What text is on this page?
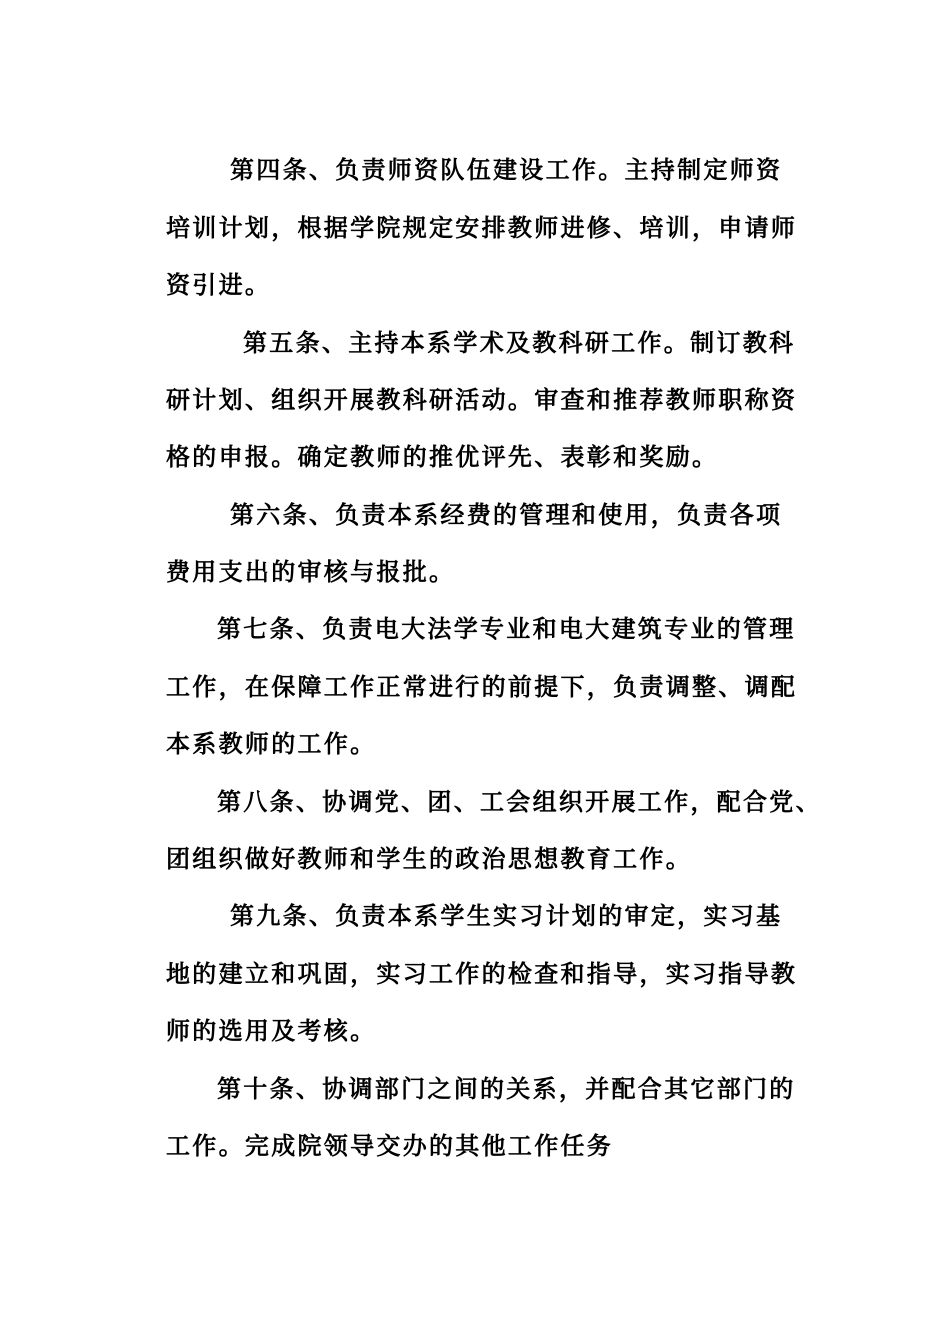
第四条、负责师资队伍建设工作。主持制定师资
培训计划，根据学院规定安排教师进修、培训，申请师
资引进。
第五条、主持本系学术及教科研工作。制订教科
研计划、组织开展教科研活动。审查和推荐教师职称资
格的申报。确定教师的推优评先、表彰和奖励。
第六条、负责本系经费的管理和使用，负责各项
费用支出的审核与报批。
第七条、负责电大法学专业和电大建筑专业的管理
工作，在保障工作正常进行的前提下，负责调整、调配
本系教师的工作。
第八条、协调党、团、工会组织开展工作，配合党、
团组织做好教师和学生的政治思想教育工作。
第九条、负责本系学生实习计划的审定，实习基
地的建立和巩固，实习工作的检查和指导，实习指导教
师的选用及考核。
第十条、协调部门之间的关系，并配合其它部门的
工作。完成院领导交办的其他工作任务
